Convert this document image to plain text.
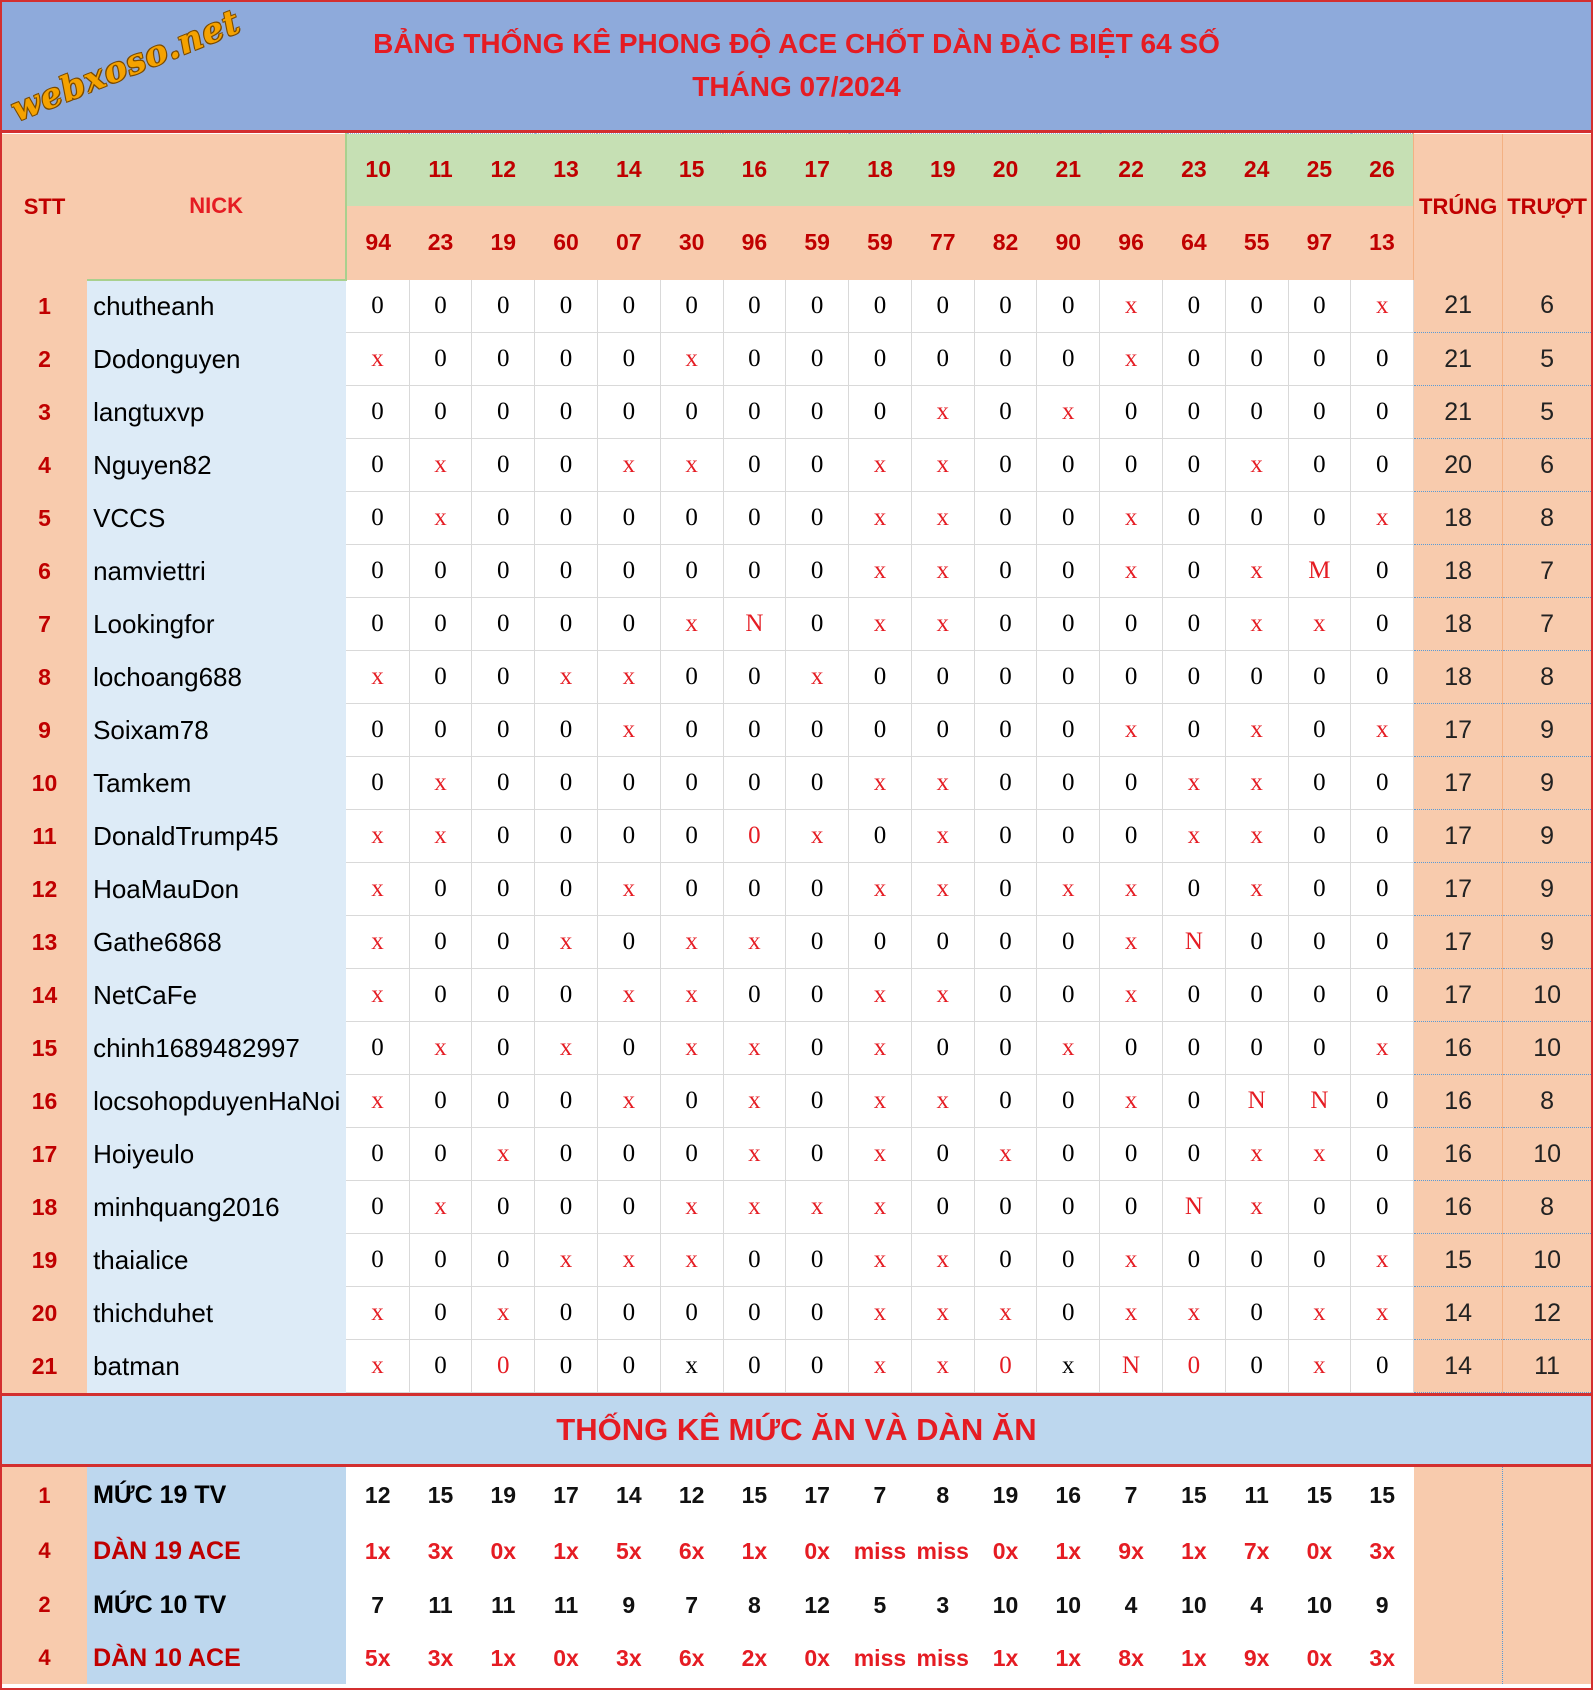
webxoso.net	BẢNG THỐNG KÊ PHONG ĐỘ ACE CHỐT DÀN ĐẶC BIỆT 64 SỐ
THÁNG 07/2024
STT	NICK	10	11	12	13	14	15	16	17	18	19	20	21	22	23	24	25	26	TRÚNG	TRƯỢT
		94	23	19	60	07	30	96	59	59	77	82	90	96	64	55	97	13		
1	chutheanh	0	0	0	0	0	0	0	0	0	0	0	0	x	0	0	0	x	21	6
2	Dodonguyen	x	0	0	0	0	x	0	0	0	0	0	0	x	0	0	0	0	21	5
3	langtuxvp	0	0	0	0	0	0	0	0	0	x	0	x	0	0	0	0	0	21	5
4	Nguyen82	0	x	0	0	x	x	0	0	x	x	0	0	0	0	x	0	0	20	6
5	VCCS	0	x	0	0	0	0	0	0	x	x	0	0	x	0	0	0	x	18	8
6	namviettri	0	0	0	0	0	0	0	0	x	x	0	0	x	0	x	M	0	18	7
7	Lookingfor	0	0	0	0	0	x	N	0	x	x	0	0	0	0	x	x	0	18	7
8	lochoang688	x	0	0	x	x	0	0	x	0	0	0	0	0	0	0	0	0	18	8
9	Soixam78	0	0	0	0	x	0	0	0	0	0	0	0	x	0	x	0	x	17	9
10	Tamkem	0	x	0	0	0	0	0	0	x	x	0	0	0	x	x	0	0	17	9
11	DonaldTrump45	x	x	0	0	0	0	0	x	0	x	0	0	0	x	x	0	0	17	9
12	HoaMauDon	x	0	0	0	x	0	0	0	x	x	0	x	x	0	x	0	0	17	9
13	Gathe6868	x	0	0	x	0	x	x	0	0	0	0	0	x	N	0	0	0	17	9
14	NetCaFe	x	0	0	0	x	x	0	0	x	x	0	0	x	0	0	0	0	17	10
15	chinh1689482997	0	x	0	x	0	x	x	0	x	0	0	x	0	0	0	0	x	16	10
16	locsohopduyenHaNoi	x	0	0	0	x	0	x	0	x	x	0	0	x	0	N	N	0	16	8
17	Hoiyeulo	0	0	x	0	0	0	x	0	x	0	x	0	0	0	x	x	0	16	10
18	minhquang2016	0	x	0	0	0	x	x	x	x	0	0	0	0	N	x	0	0	16	8
19	thaialice	0	0	0	x	x	x	0	0	x	x	0	0	x	0	0	0	x	15	10
20	thichduhet	x	0	x	0	0	0	0	0	x	x	x	0	x	x	0	x	x	14	12
21	batman	x	0	0	0	0	x	0	0	x	x	0	x	N	0	0	x	0	14	11
THỐNG KÊ MỨC ĂN VÀ DÀN ĂN
1	MỨC 19 TV	12	15	19	17	14	12	15	17	7	8	19	16	7	15	11	15	15		
4	DÀN 19 ACE	1x	3x	0x	1x	5x	6x	1x	0x	miss	miss	0x	1x	9x	1x	7x	0x	3x		
2	MỨC 10 TV	7	11	11	11	9	7	8	12	5	3	10	10	4	10	4	10	9		
4	DÀN 10 ACE	5x	3x	1x	0x	3x	6x	2x	0x	miss	miss	1x	1x	8x	1x	9x	0x	3x		
